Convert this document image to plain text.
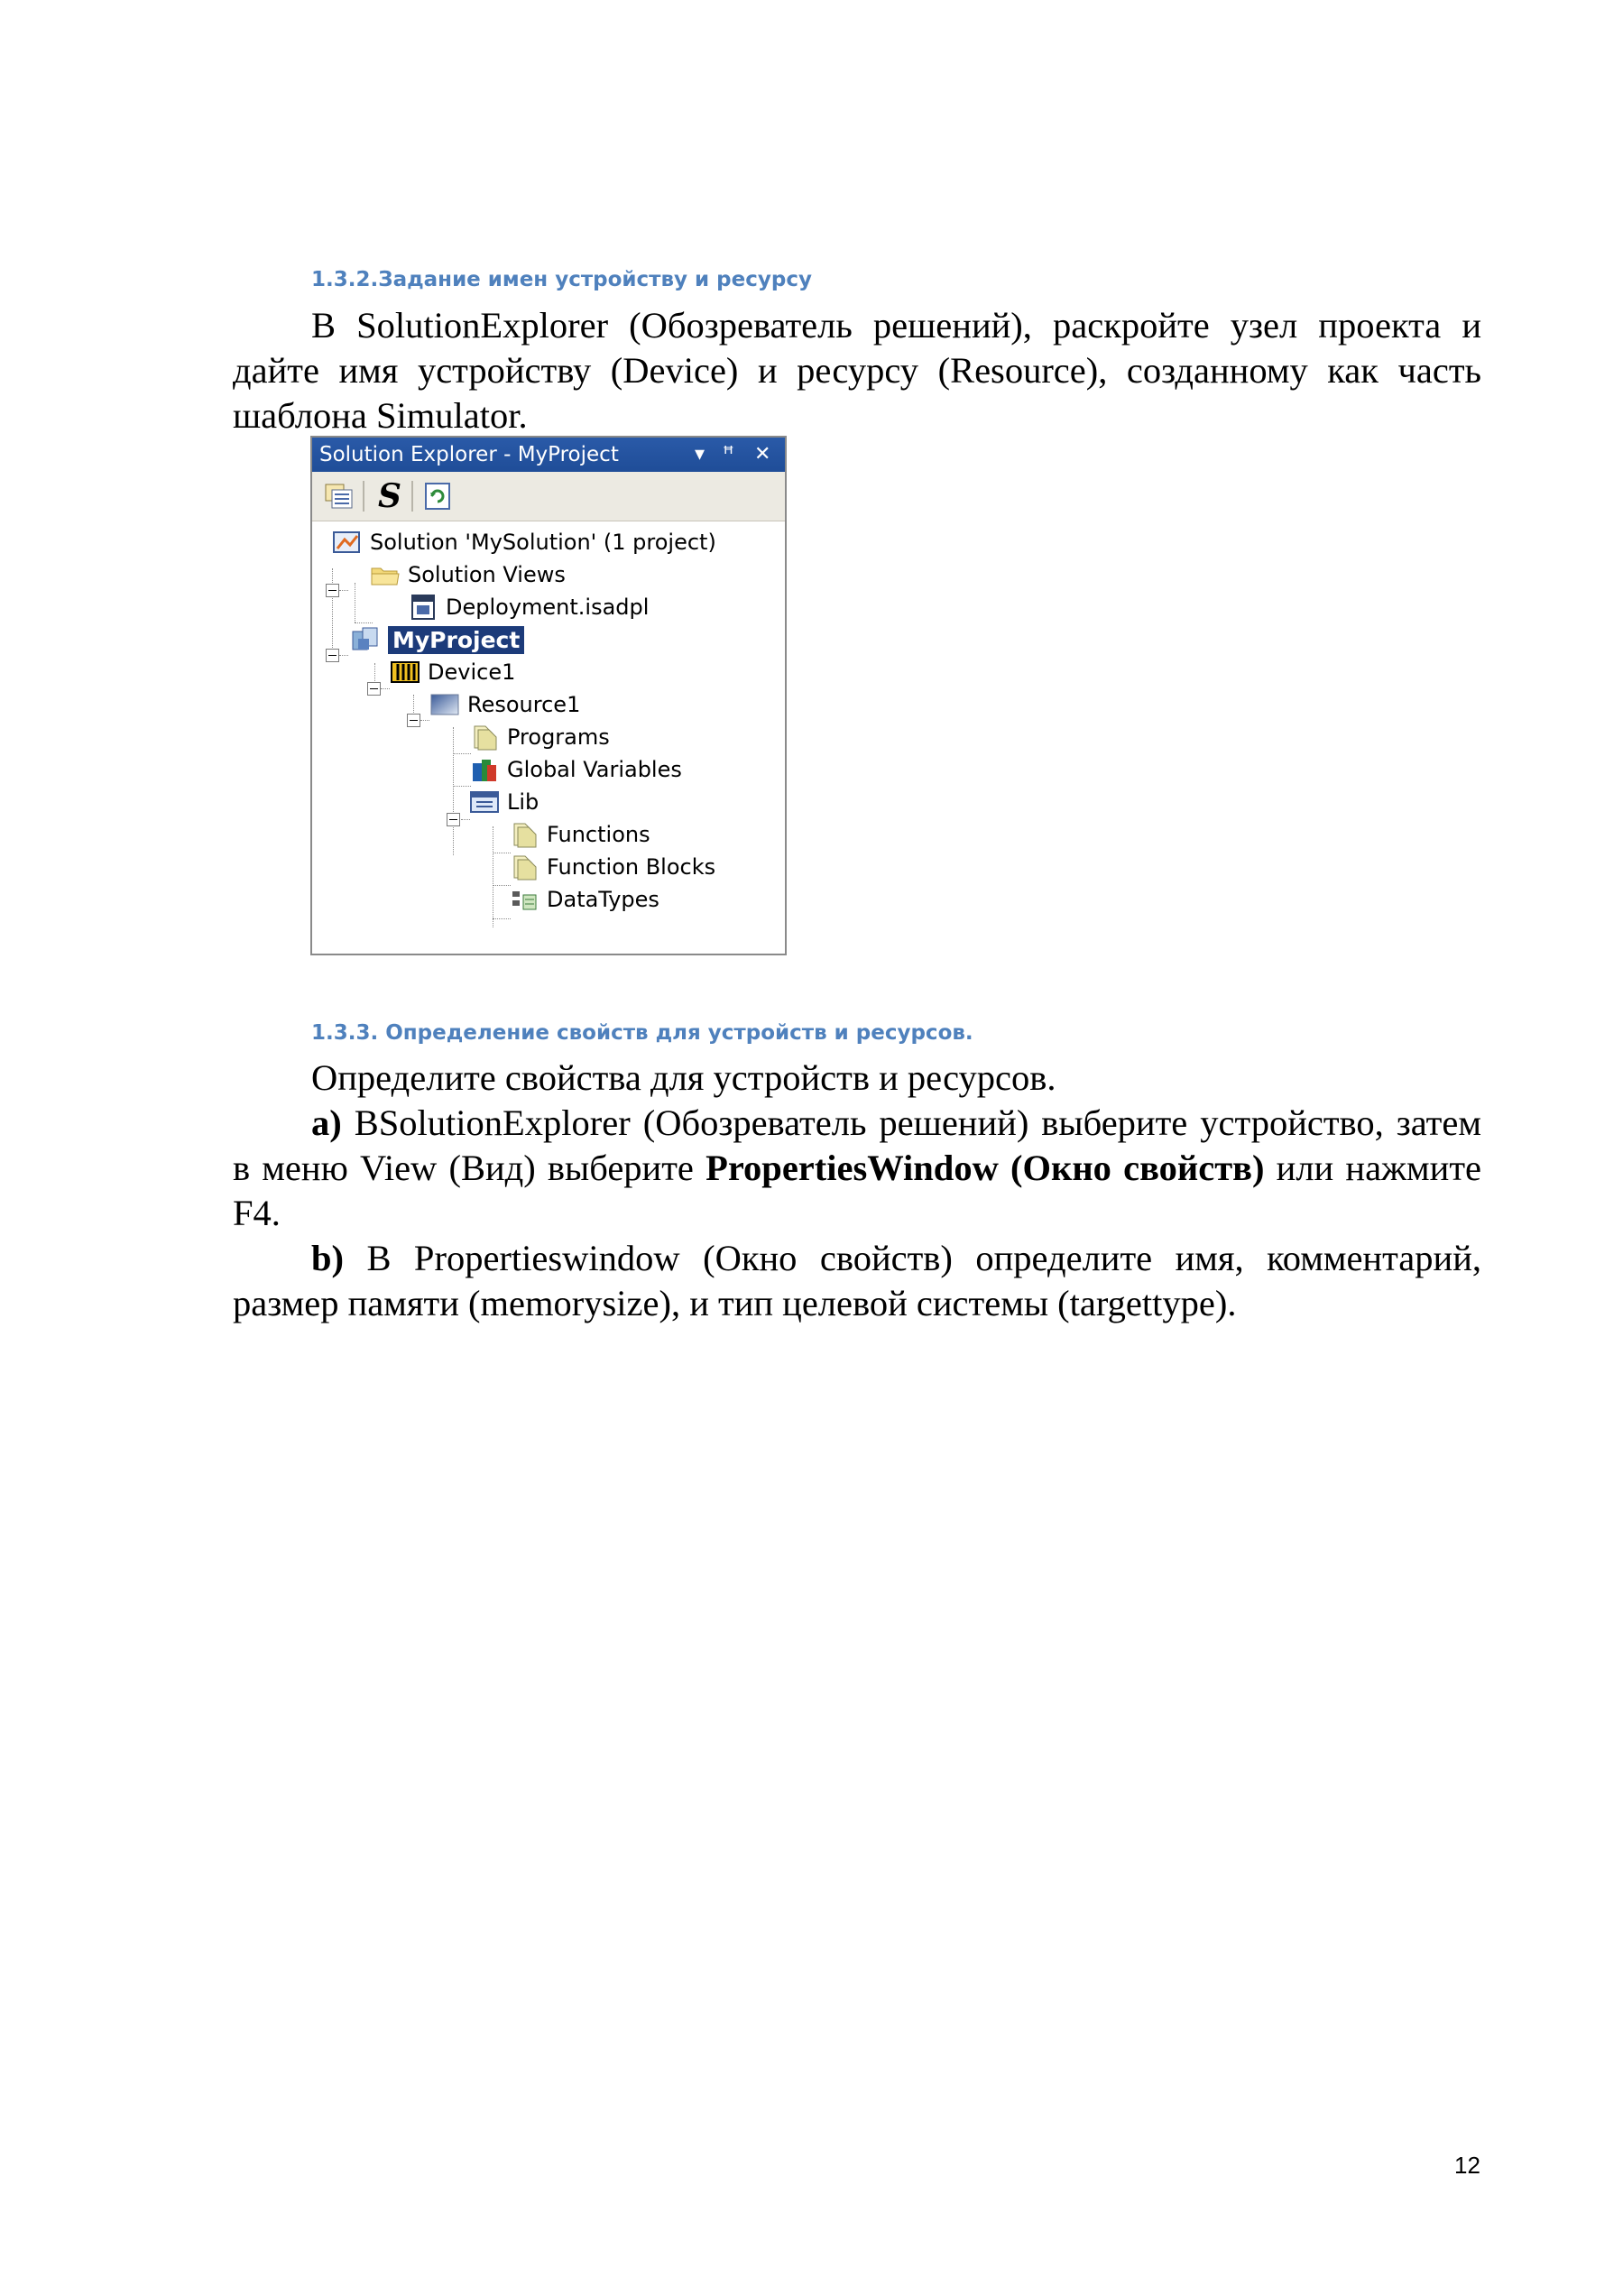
1.3.2.Задание имен устройству и ресурсу

В SolutionExplorer (Обозреватель решений), раскройте узел проекта и дайте имя устройству (Device) и ресурсу (Resource), созданному как часть шаблона Simulator.

Solution Explorer - MyProject	▾ ꟸ ✕
S
Solution 'MySolution' (1 project)
Solution Views
Deployment.isadpl
MyProject
Device1
Resource1
Programs
Global Variables
Lib
Functions
Function Blocks
DataTypes
1.3.3. Определение свойств для устройств и ресурсов.

Определите свойства для устройств и ресурсов.

a) BSolutionExplorer (Обозреватель решений) выберите устройство, затем в меню View (Вид) выберите PropertiesWindow (Окно свойств) или нажмите F4.

b) В Propertieswindow (Окно свойств) определите имя, комментарий, размер памяти (memorysize), и тип целевой системы (targettype).

12
